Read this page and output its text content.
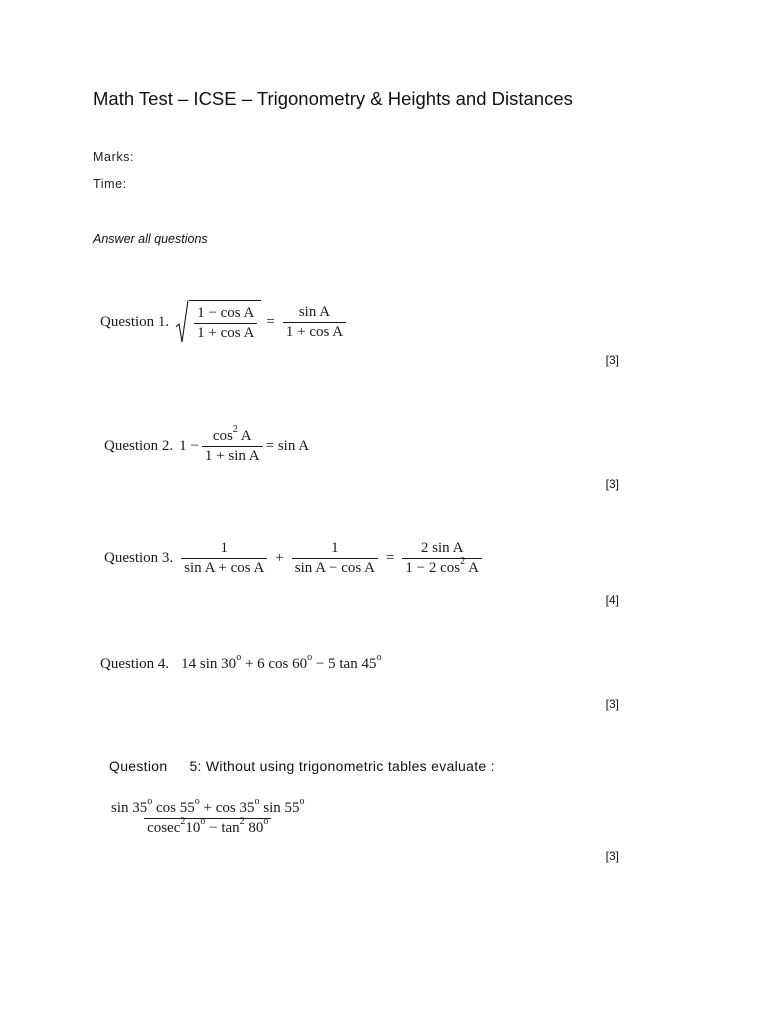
Math Test – ICSE – Trigonometry & Heights and Distances
Marks:
Time:
Answer all questions
Question 1. $\frac{\text{1 − cos A}}{\text{1 + cos A}} = \frac{\text{sin A}}{\text{1 + cos A}}$
[3]
Question 2. $1 - \frac{\cos^2 A}{\text{1 + sin A}} = \sin A$
[3]
Question 3. $\frac{1}{\text{sin A + cos A}} + \frac{1}{\text{sin A − cos A}} = \frac{\text{2 sin A}}{1 - 2 \cos^2 A}$
[4]
Question 4. 14 $\sin 30^o + 6$ $\cos 60^o - 5$ tan 45$^o$
[3]
Question 5: Without using trigonometric tables evaluate :
$\frac{\sin 35^o \cos 55^o + \cos 35^o \sin 55^o}{cosec^210^o - \tan^2 80^o}$
[3]
